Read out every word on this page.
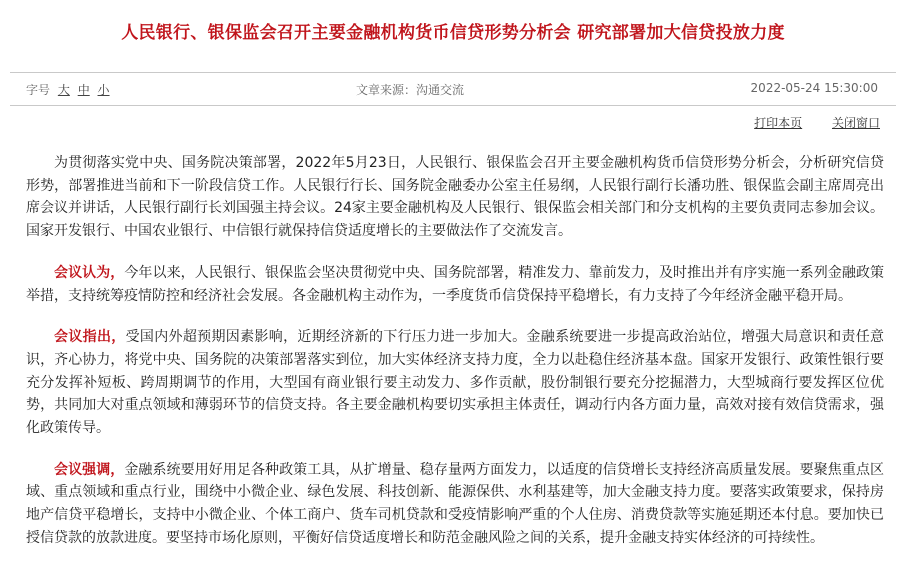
人民银行、银保监会召开主要金融机构货币信贷形势分析会 研究部署加大信贷投放力度
字号 大 中 小	文章来源：沟通交流	2022-05-24 15:30:00
打印本页 关闭窗口

为贯彻落实党中央、国务院决策部署，2022年5月23日，人民银行、银保监会召开主要金融机构货币信贷形势分析会，分析研究信贷形势，部署推进当前和下一阶段信贷工作。人民银行行长、国务院金融委办公室主任易纲，人民银行副行长潘功胜、银保监会副主席周亮出席会议并讲话，人民银行副行长刘国强主持会议。24家主要金融机构及人民银行、银保监会相关部门和分支机构的主要负责同志参加会议。国家开发银行、中国农业银行、中信银行就保持信贷适度增长的主要做法作了交流发言。

会议认为，今年以来，人民银行、银保监会坚决贯彻党中央、国务院部署，精准发力、靠前发力，及时推出并有序实施一系列金融政策举措，支持统筹疫情防控和经济社会发展。各金融机构主动作为，一季度货币信贷保持平稳增长，有力支持了今年经济金融平稳开局。

会议指出，受国内外超预期因素影响，近期经济新的下行压力进一步加大。金融系统要进一步提高政治站位，增强大局意识和责任意识，齐心协力，将党中央、国务院的决策部署落实到位，加大实体经济支持力度，全力以赴稳住经济基本盘。国家开发银行、政策性银行要充分发挥补短板、跨周期调节的作用，大型国有商业银行要主动发力、多作贡献，股份制银行要充分挖掘潜力，大型城商行要发挥区位优势，共同加大对重点领域和薄弱环节的信贷支持。各主要金融机构要切实承担主体责任，调动行内各方面力量，高效对接有效信贷需求，强化政策传导。

会议强调，金融系统要用好用足各种政策工具，从扩增量、稳存量两方面发力，以适度的信贷增长支持经济高质量发展。要聚焦重点区域、重点领域和重点行业，围绕中小微企业、绿色发展、科技创新、能源保供、水利基建等，加大金融支持力度。要落实政策要求，保持房地产信贷平稳增长，支持中小微企业、个体工商户、货车司机贷款和受疫情影响严重的个人住房、消费贷款等实施延期还本付息。要加快已授信贷款的放款进度。要坚持市场化原则，平衡好信贷适度增长和防范金融风险之间的关系，提升金融支持实体经济的可持续性。
